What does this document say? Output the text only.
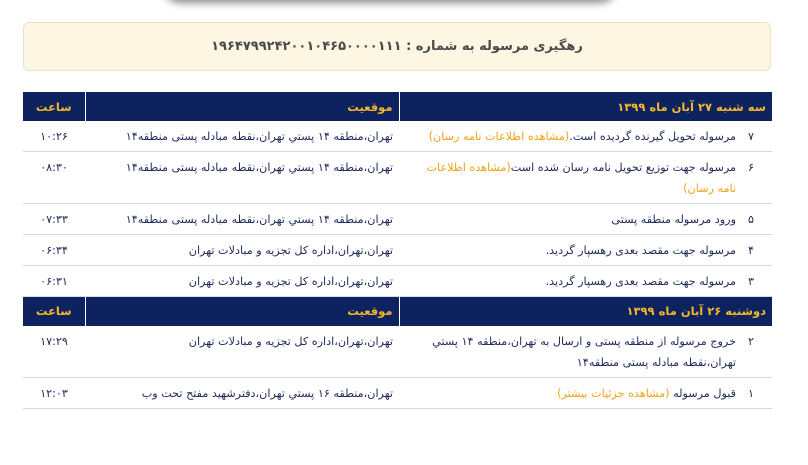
رهگیری مرسوله به شماره : ۱۹۶۴۷۹۹۲۴۲۰۰۱۰۴۶۵۰۰۰۰۱۱۱
سه شنبه ۲۷ آبان ماه ۱۳۹۹	موقعیت	ساعت

۷
مرسوله تحویل گیرنده گردیده است.(مشاهده اطلاعات نامه رسان)	تهران،منطقه ۱۴ پستي تهران،نقطه مبادله پستی منطقه۱۴	۱۰:۲۶

۶
مرسوله جهت توزیع تحویل نامه رسان شده است(مشاهده اطلاعات نامه رسان)	تهران،منطقه ۱۴ پستي تهران،نقطه مبادله پستی منطقه۱۴	۰۸:۳۰

۵
ورود مرسوله منطقه پستی	تهران،منطقه ۱۴ پستي تهران،نقطه مبادله پستی منطقه۱۴	۰۷:۳۳

۴
مرسوله جهت مقصد بعدی رهسپار گردید.	تهران،تهران،اداره کل تجزیه و مبادلات تهران	۰۶:۳۴

۳
مرسوله جهت مقصد بعدی رهسپار گردید.	تهران،تهران،اداره کل تجزیه و مبادلات تهران	۰۶:۳۱
دوشنبه ۲۶ آبان ماه ۱۳۹۹	موقعیت	ساعت

۲
خروج مرسوله از منطقه پستی و ارسال به تهران،منطقه ۱۴ پستي تهران،نقطه مبادله پستی منطقه۱۴	تهران،تهران،اداره کل تجزیه و مبادلات تهران	۱۷:۲۹

۱
قبول مرسوله (مشاهده جزئیات بیشتر)	تهران،منطقه ۱۶ پستي تهران،دفترشهيد مفتح تحت وب	۱۲:۰۳
